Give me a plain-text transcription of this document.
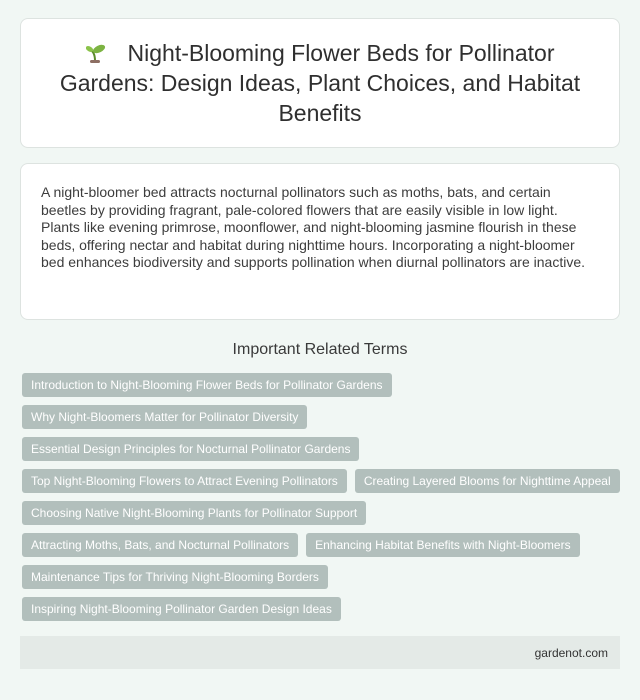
Night-Blooming Flower Beds for Pollinator Gardens: Design Ideas, Plant Choices, and Habitat Benefits

A night-bloomer bed attracts nocturnal pollinators such as moths, bats, and certain beetles by providing fragrant, pale-colored flowers that are easily visible in low light. Plants like evening primrose, moonflower, and night-blooming jasmine flourish in these beds, offering nectar and habitat during nighttime hours. Incorporating a night-bloomer bed enhances biodiversity and supports pollination when diurnal pollinators are inactive.

Important Related Terms
Introduction to Night-Blooming Flower Beds for Pollinator Gardens
Why Night-Bloomers Matter for Pollinator Diversity
Essential Design Principles for Nocturnal Pollinator Gardens
Top Night-Blooming Flowers to Attract Evening Pollinators	Creating Layered Blooms for Nighttime Appeal
Choosing Native Night-Blooming Plants for Pollinator Support
Attracting Moths, Bats, and Nocturnal Pollinators	Enhancing Habitat Benefits with Night-Bloomers
Maintenance Tips for Thriving Night-Blooming Borders
Inspiring Night-Blooming Pollinator Garden Design Ideas
gardenot.com
